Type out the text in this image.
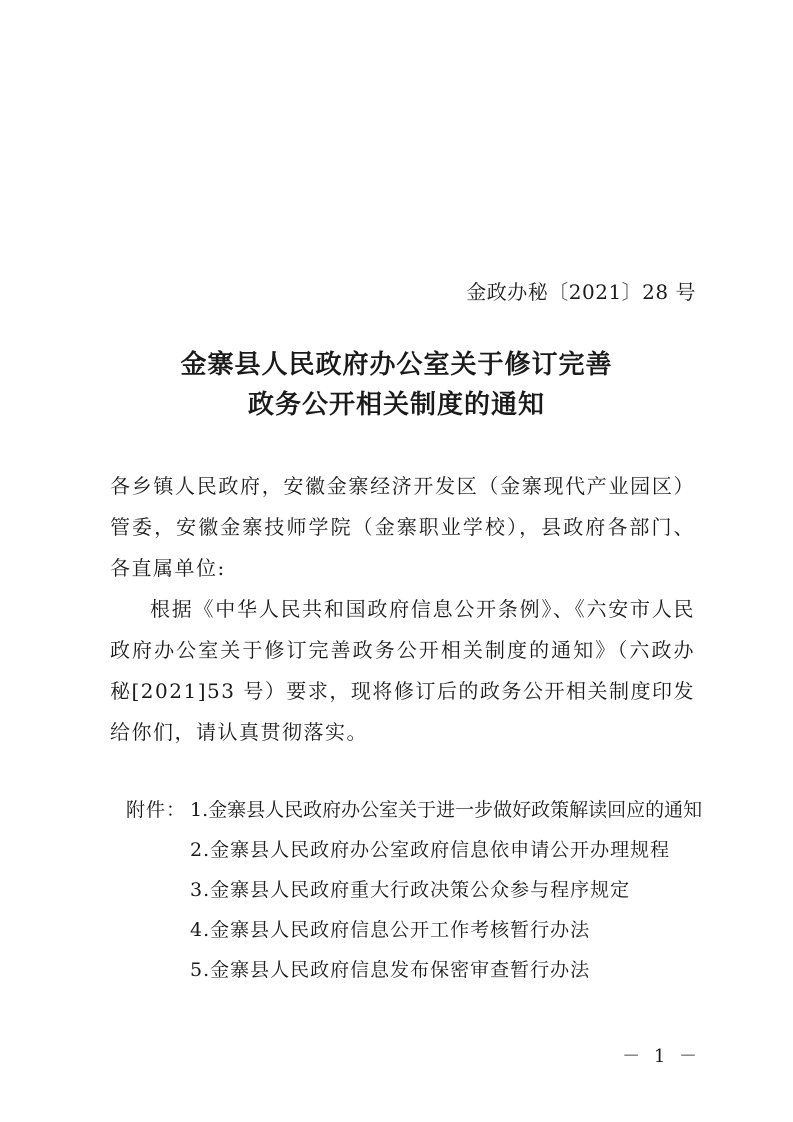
金政办秘〔2021〕28 号
金寨县人民政府办公室关于修订完善
政务公开相关制度的通知

各乡镇人民政府，安徽金寨经济开发区（金寨现代产业园区）管委，安徽金寨技师学院（金寨职业学校），县政府各部门、各直属单位:

根据《中华人民共和国政府信息公开条例》、《六安市人民政府办公室关于修订完善政务公开相关制度的通知》（六政办秘[2021]53 号）要求，现将修订后的政务公开相关制度印发给你们，请认真贯彻落实。

附件： 1.金寨县人民政府办公室关于进一步做好政策解读回应的通知
2.金寨县人民政府办公室政府信息依申请公开办理规程
3.金寨县人民政府重大行政决策公众参与程序规定
4.金寨县人民政府信息公开工作考核暂行办法
5.金寨县人民政府信息发布保密审查暂行办法
－ 1 －
